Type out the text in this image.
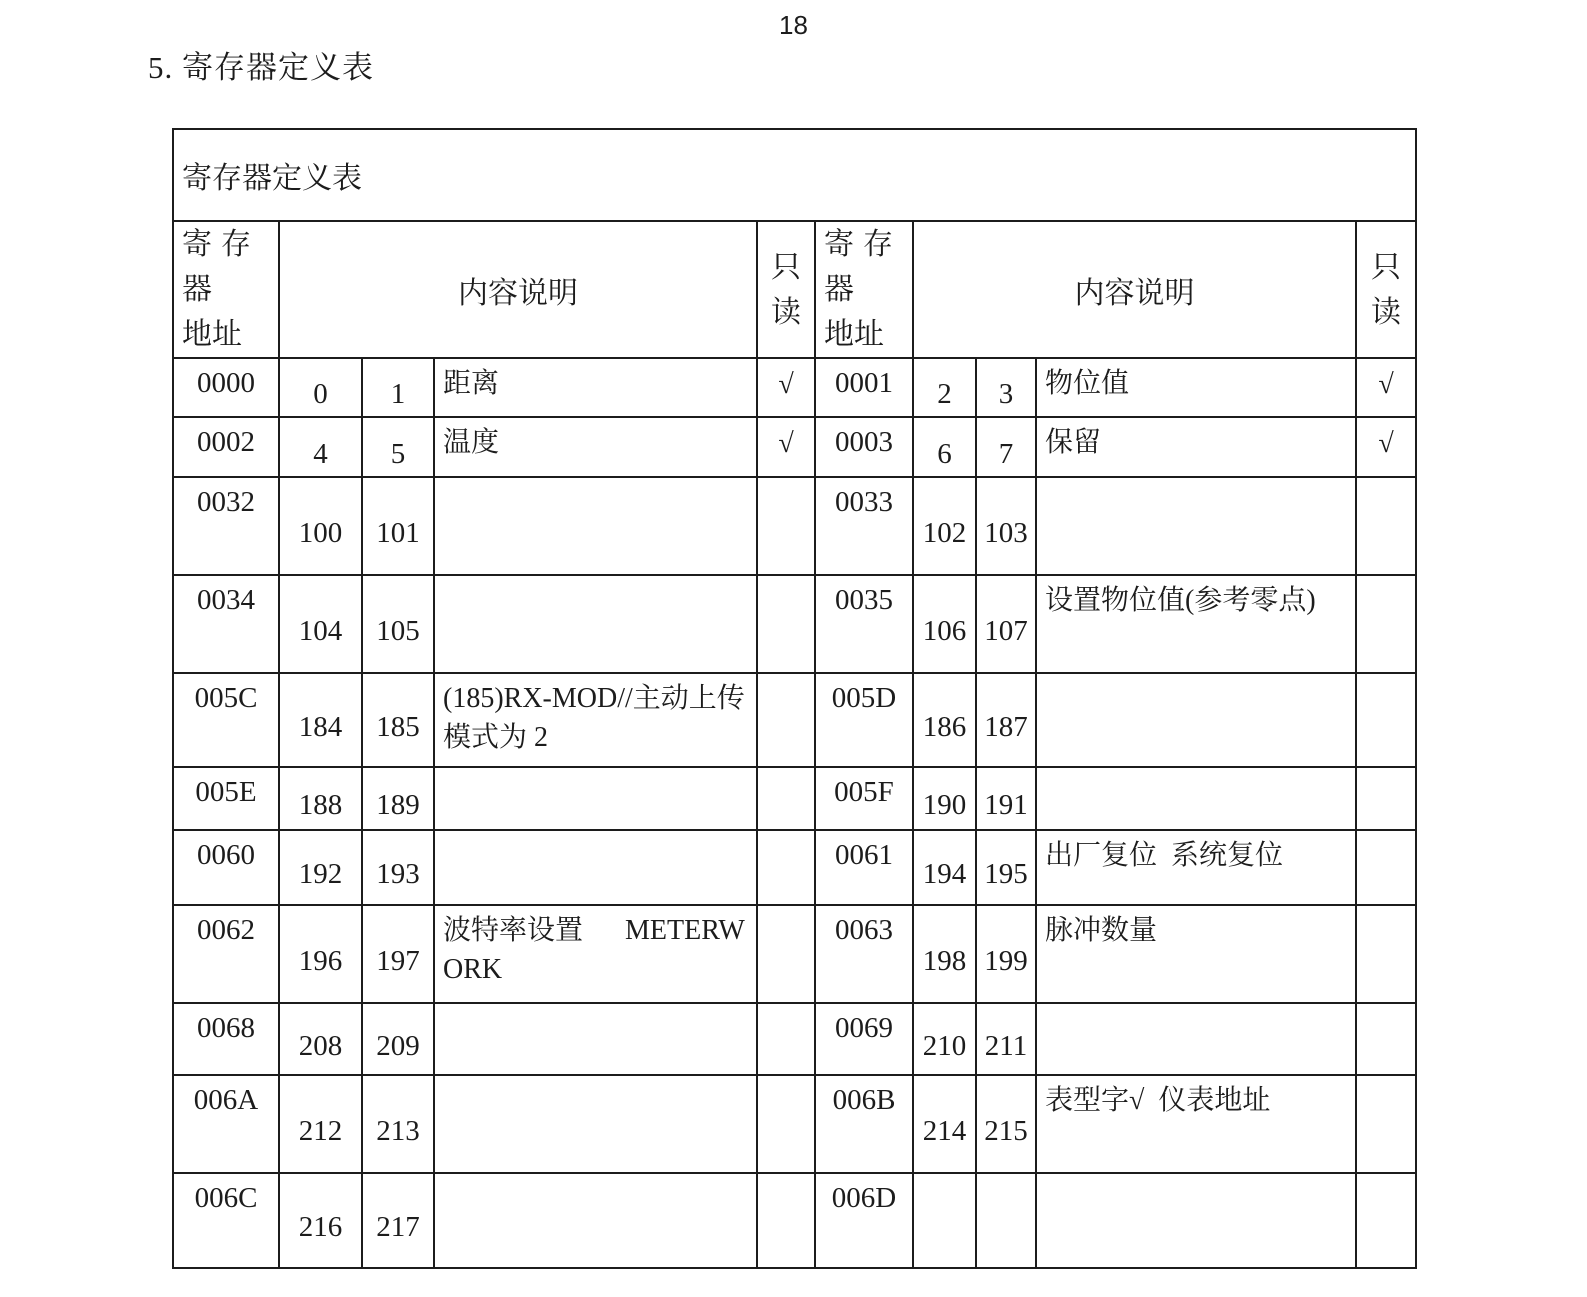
18
5. 寄存器定义表
寄存器定义表									

寄存器
地址
	内容说明	
只
读

寄存器
地址
	内容说明	
只
读

0000	0	1	距离	√	0001	2	3	物位值	√
0002	4	5	温度	√	0003	6	7	保留	√
0032	100	101			0033	102	103		
0034	104	105			0035	106	107	设置物位值(参考零点)	
005C	184	185	(185)RX-MOD//主动上传模式为 2		005D	186	187		
005E	188	189			005F	190	191		
0060	192	193			0061	194	195	出厂复位  系统复位	
0062	196	197	波特率设置      METERWORK		0063	198	199	脉冲数量	
0068	208	209			0069	210	211		
006A	212	213			006B	214	215	表型字√  仪表地址	
006C	216	217			006D				
